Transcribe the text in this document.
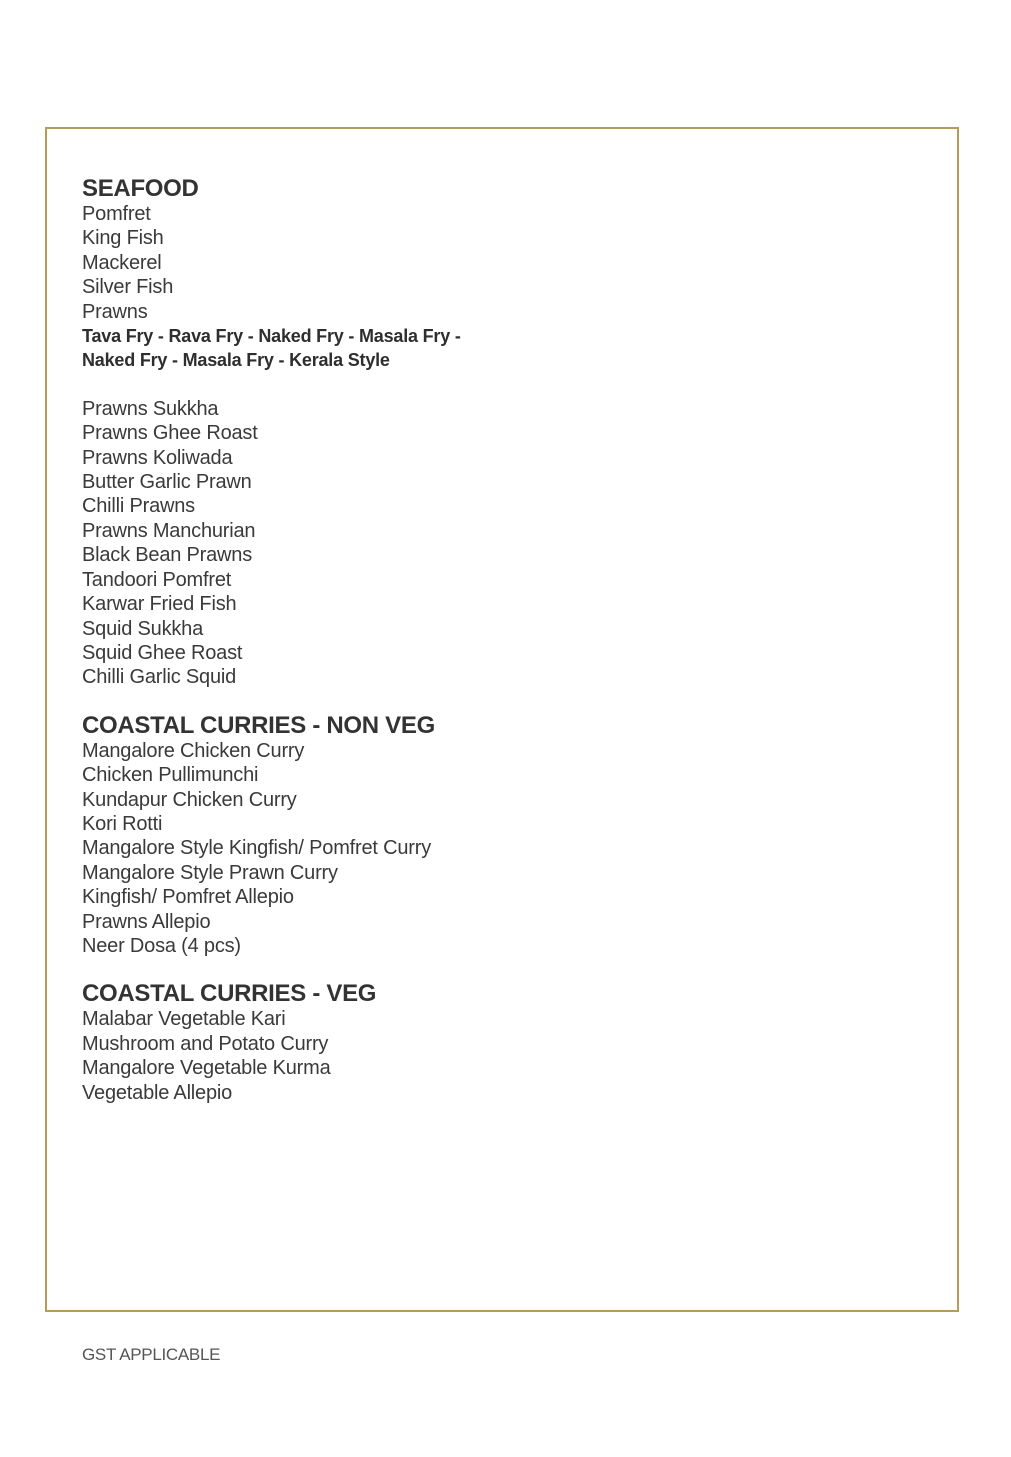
SEAFOOD

Pomfret

King Fish

Mackerel

Silver Fish

Prawns

Tava Fry - Rava Fry - Naked Fry - Masala Fry -

Naked Fry - Masala Fry - Kerala Style

Prawns Sukkha

Prawns Ghee Roast

Prawns Koliwada

Butter Garlic Prawn

Chilli Prawns

Prawns Manchurian

Black Bean Prawns

Tandoori Pomfret

Karwar Fried Fish

Squid Sukkha

Squid Ghee Roast

Chilli Garlic Squid

COASTAL CURRIES - NON VEG

Mangalore Chicken Curry

Chicken Pullimunchi

Kundapur Chicken Curry

Kori Rotti

Mangalore Style Kingfish/ Pomfret Curry

Mangalore Style Prawn Curry

Kingfish/ Pomfret Allepio

Prawns Allepio

Neer Dosa (4 pcs)

COASTAL CURRIES - VEG

Malabar Vegetable Kari

Mushroom and Potato Curry

Mangalore Vegetable Kurma

Vegetable Allepio

GST APPLICABLE
